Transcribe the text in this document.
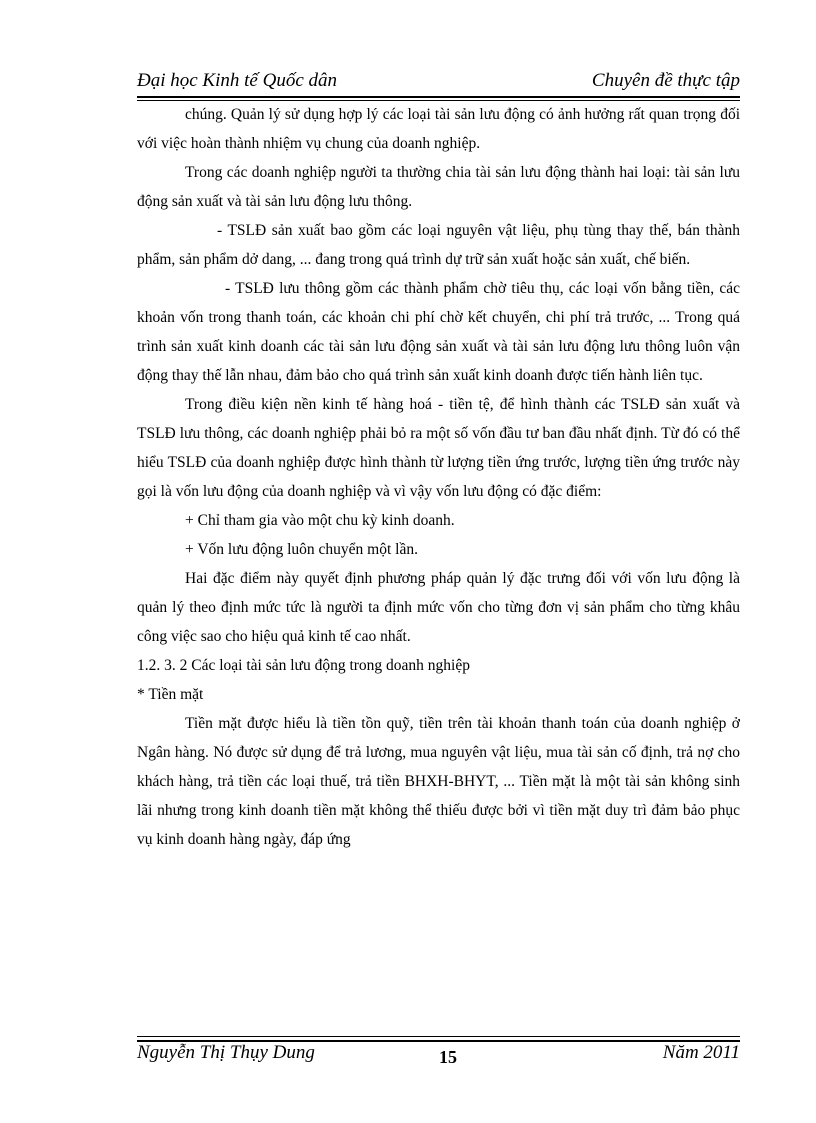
Đại học Kinh tế Quốc dân	Chuyên đề thực tập

chúng. Quản lý sử dụng hợp lý các loại tài sản lưu động có ảnh hưởng rất quan trọng đối với việc hoàn thành nhiệm vụ chung của doanh nghiệp.

Trong các doanh nghiệp người ta thường chia tài sản lưu động thành hai loại: tài sản lưu động sản xuất và tài sản lưu động lưu thông.

- TSLĐ sản xuất bao gồm các loại nguyên vật liệu, phụ tùng thay thế, bán thành phẩm, sản phẩm dở dang, ... đang trong quá trình dự trữ sản xuất hoặc sản xuất, chế biến.

- TSLĐ lưu thông gồm các thành phẩm chờ tiêu thụ, các loại vốn bằng tiền, các khoản vốn trong thanh toán, các khoản chi phí chờ kết chuyển, chi phí trả trước, ... Trong quá trình sản xuất kinh doanh các tài sản lưu động sản xuất và tài sản lưu động lưu thông luôn vận động thay thế lẫn nhau, đảm bảo cho quá trình sản xuất kinh doanh được tiến hành liên tục.

Trong điều kiện nền kinh tế hàng hoá - tiền tệ, để hình thành các TSLĐ sản xuất và TSLĐ lưu thông, các doanh nghiệp phải bỏ ra một số vốn đầu tư ban đầu nhất định. Từ đó có thể hiểu TSLĐ của doanh nghiệp được hình thành từ lượng tiền ứng trước, lượng tiền ứng trước này gọi là vốn lưu động của doanh nghiệp và vì vậy vốn lưu động có đặc điểm:

+ Chỉ tham gia vào một chu kỳ kinh doanh.

+ Vốn lưu động luôn chuyển một lần.

Hai đặc điểm này quyết định phương pháp quản lý đặc trưng đối với vốn lưu động là quản lý theo định mức tức là người ta định mức vốn cho từng đơn vị sản phẩm cho từng khâu công việc sao cho hiệu quả kinh tế cao nhất.

1.2. 3. 2 Các loại tài sản lưu động trong doanh nghiệp

* Tiền mặt

Tiền mặt được hiểu là tiền tồn quỹ, tiền trên tài khoản thanh toán của doanh nghiệp ở Ngân hàng. Nó được sử dụng để trả lương, mua nguyên vật liệu, mua tài sản cố định, trả nợ cho khách hàng, trả tiền các loại thuế, trả tiền BHXH-BHYT, ... Tiền mặt là một tài sản không sinh lãi nhưng trong kinh doanh tiền mặt không thể thiếu được bởi vì tiền mặt duy trì đảm bảo phục vụ kinh doanh hàng ngày, đáp ứng

Nguyễn Thị Thụy Dung	15	Năm 2011
